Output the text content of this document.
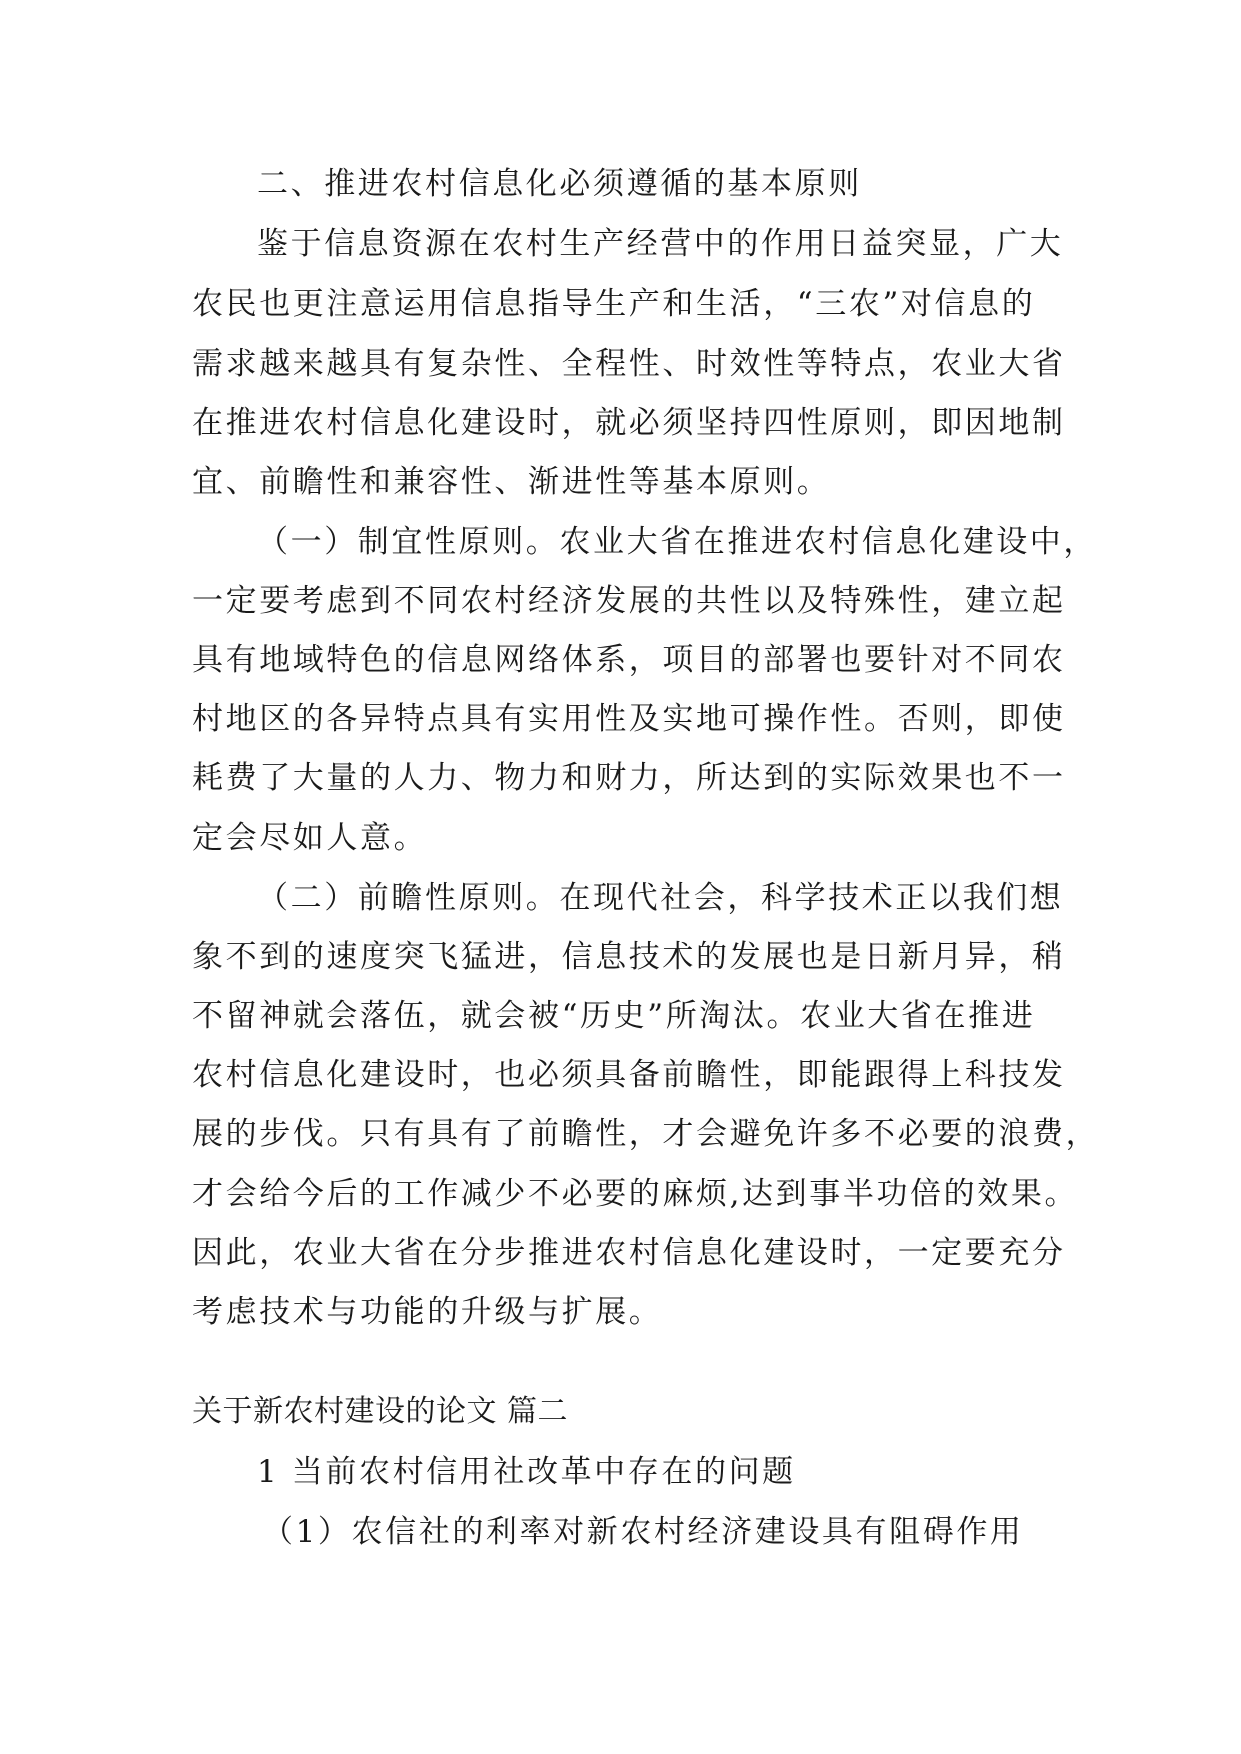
二、推进农村信息化必须遵循的基本原则
鉴于信息资源在农村生产经营中的作用日益突显，广大
农民也更注意运用信息指导生产和生活，“三农”对信息的
需求越来越具有复杂性、全程性、时效性等特点，农业大省
在推进农村信息化建设时，就必须坚持四性原则，即因地制
宜、前瞻性和兼容性、渐进性等基本原则。
（一）制宜性原则。农业大省在推进农村信息化建设中，
一定要考虑到不同农村经济发展的共性以及特殊性，建立起
具有地域特色的信息网络体系，项目的部署也要针对不同农
村地区的各异特点具有实用性及实地可操作性。否则，即使
耗费了大量的人力、物力和财力，所达到的实际效果也不一
定会尽如人意。
（二）前瞻性原则。在现代社会，科学技术正以我们想
象不到的速度突飞猛进，信息技术的发展也是日新月异，稍
不留神就会落伍，就会被“历史”所淘汰。农业大省在推进
农村信息化建设时，也必须具备前瞻性，即能跟得上科技发
展的步伐。只有具有了前瞻性，才会避免许多不必要的浪费，
才会给今后的工作减少不必要的麻烦,达到事半功倍的效果。
因此，农业大省在分步推进农村信息化建设时，一定要充分
考虑技术与功能的升级与扩展。
关于新农村建设的论文 篇二
1 当前农村信用社改革中存在的问题
（1）农信社的利率对新农村经济建设具有阻碍作用
